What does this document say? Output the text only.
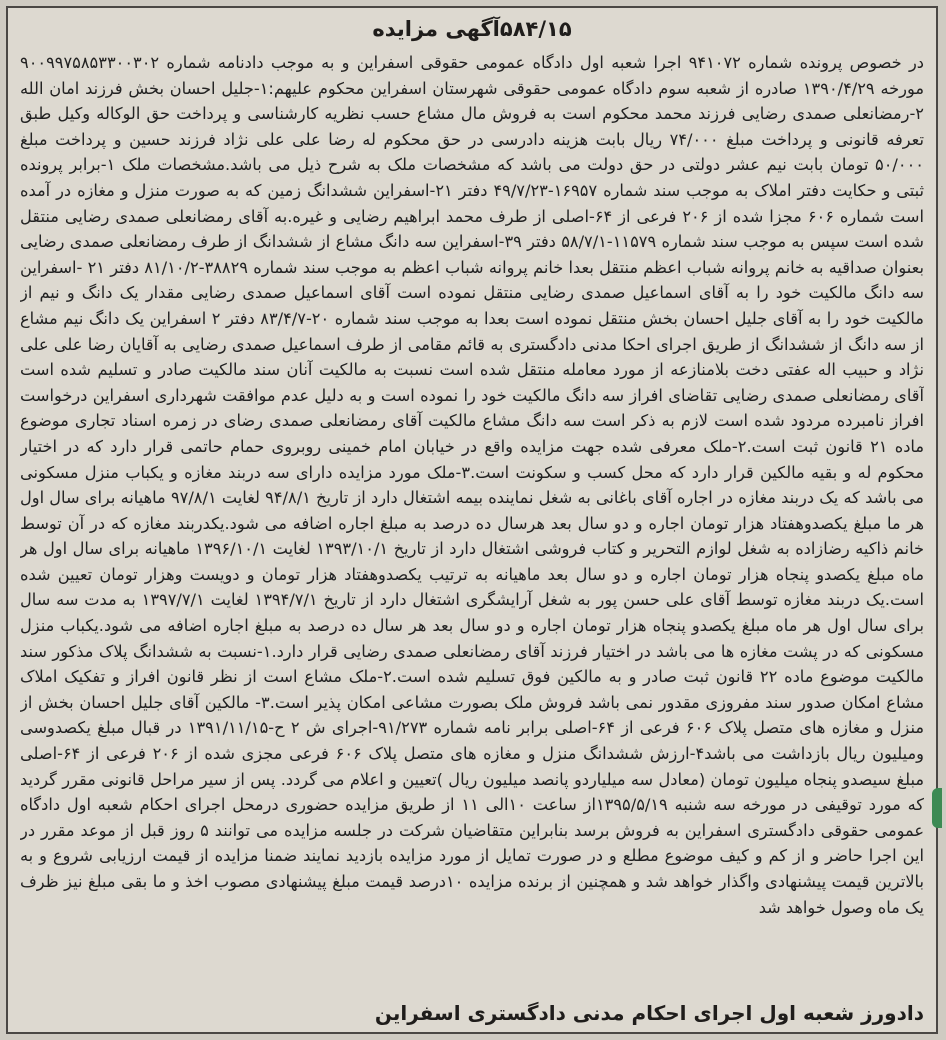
۵۸۴/۱۵آگهی مزایده
در خصوص پرونده شماره ۹۴۱۰۷۲ اجرا شعبه اول دادگاه عمومی حقوقی اسفراین و به موجب دادنامه شماره ۹۰۰۹۹۷۵۸۵۳۳۰۰۳۰۲ مورخه ۱۳۹۰/۴/۲۹ صادره از شعبه سوم دادگاه عمومی حقوقی شهرستان اسفراین محکوم علیهم:۱-جلیل احسان بخش فرزند امان الله ۲-رمضانعلی صمدی رضایی فرزند محمد محکوم است به فروش مال مشاع حسب نظریه کارشناسی و پرداخت حق الوکاله وکیل طبق تعرفه قانونی و پرداخت مبلغ ۷۴/۰۰۰ ریال بابت هزینه دادرسی در حق محکوم له رضا علی علی نژاد فرزند حسین و پرداخت مبلغ ۵۰/۰۰۰ تومان بابت نیم عشر دولتی در حق دولت می باشد که مشخصات ملک به شرح ذیل می باشد.مشخصات ملک ۱-برابر پرونده ثبتی و حکایت دفتر املاک به موجب سند شماره ۱۶۹۵۷-۴۹/۷/۲۳ دفتر ۲۱-اسفراین ششدانگ زمین که به صورت منزل و مغازه در آمده است شماره ۶۰۶ مجزا شده از ۲۰۶ فرعی از ۶۴-اصلی از طرف محمد ابراهیم رضایی و غیره.به آقای رمضانعلی صمدی رضایی منتقل شده است سپس به موجب سند شماره ۱۱۵۷۹-۵۸/۷/۱ دفتر ۳۹-اسفراین سه دانگ مشاع از ششدانگ از طرف رمضانعلی صمدی رضایی بعنوان صداقیه به خانم پروانه شباب اعظم منتقل بعدا خانم پروانه شباب اعظم به موجب سند شماره ۳۸۸۲۹-۸۱/۱۰/۲ دفتر ۲۱ -اسفراین سه دانگ مالکیت خود را به آقای اسماعیل صمدی رضایی منتقل نموده است آقای اسماعیل صمدی رضایی مقدار یک دانگ و نیم از مالکیت خود را به آقای جلیل احسان بخش منتقل نموده است بعدا به موجب سند شماره ۲۰-۸۳/۴/۷ دفتر ۲ اسفراین یک دانگ نیم مشاع از سه دانگ از ششدانگ از طریق اجرای احکا مدنی دادگستری به قائم مقامی از طرف اسماعیل صمدی رضایی به آقایان رضا علی علی نژاد و حبیب اله عفتی دخت بلامنازعه از مورد معامله منتقل شده است نسبت به مالکیت آنان سند مالکیت صادر و تسلیم شده است آقای رمضانعلی صمدی رضایی تقاضای افراز سه دانگ مالکیت خود را نموده است و به دلیل عدم موافقت شهرداری اسفراین درخواست افراز نامبرده مردود شده است لازم به ذکر است سه دانگ مشاع مالکیت آقای رمضانعلی صمدی رضای در زمره اسناد تجاری موضوع ماده ۲۱ قانون ثبت است.۲-ملک معرفی شده جهت مزایده واقع در خیابان امام خمینی روبروی حمام حاتمی قرار دارد که در اختیار محکوم له و بقیه مالکین قرار دارد که محل کسب و سکونت است.۳-ملک مورد مزایده دارای سه دربند مغازه و یکباب منزل مسکونی می باشد که یک دربند مغازه در اجاره آقای باغانی به شغل نماینده بیمه اشتغال دارد از تاریخ ۹۴/۸/۱ لغایت ۹۷/۸/۱ ماهیانه برای سال اول هر ما مبلغ یکصدوهفتاد هزار تومان اجاره و دو سال بعد هرسال ده درصد به مبلغ اجاره اضافه می شود.یکدربند مغازه که در آن توسط خانم ذاکیه رضازاده به شغل لوازم التحریر و کتاب فروشی اشتغال دارد از تاریخ ۱۳۹۳/۱۰/۱ لغایت ۱۳۹۶/۱۰/۱ ماهیانه برای سال اول هر ماه مبلغ یکصدو پنجاه هزار تومان اجاره و دو سال بعد ماهیانه به ترتیب یکصدوهفتاد هزار تومان و دویست وهزار تومان تعیین شده است.یک دربند مغازه توسط آقای علی حسن پور به شغل آرایشگری اشتغال دارد از تاریخ ۱۳۹۴/۷/۱ لغایت ۱۳۹۷/۷/۱ به مدت سه سال برای سال اول هر ماه مبلغ یکصدو پنجاه هزار تومان اجاره و دو سال بعد هر سال ده درصد به مبلغ اجاره اضافه می شود.یکباب منزل مسکونی که در پشت مغازه ها می باشد در اختیار فرزند آقای رمضانعلی صمدی رضایی قرار دارد.۱-نسبت به ششدانگ پلاک مذکور سند مالکیت موضوع ماده ۲۲ قانون ثبت صادر و به مالکین فوق تسلیم شده است.۲-ملک مشاع است از نظر قانون افراز و تفکیک املاک مشاع امکان صدور سند مفروزی مقدور نمی باشد فروش ملک بصورت مشاعی امکان پذیر است.۳- مالکین آقای جلیل احسان بخش از منزل و مغازه های متصل پلاک ۶۰۶ فرعی از ۶۴-اصلی برابر نامه شماره ۹۱/۲۷۳-اجرای ش ۲ ح-۱۳۹۱/۱۱/۱۵ در قبال مبلغ یکصدوسی ومیلیون ریال بازداشت می باشد۴-ارزش ششدانگ منزل و مغازه های متصل پلاک ۶۰۶ فرعی مجزی شده از ۲۰۶ فرعی از ۶۴-اصلی مبلغ سیصدو پنجاه میلیون تومان (معادل سه میلیاردو پانصد میلیون ریال )تعیین و اعلام می گردد. پس از سیر مراحل قانونی مقرر گردید که مورد توقیفی در مورخه سه شنبه ۱۳۹۵/۵/۱۹از ساعت ۱۰الی ۱۱ از طریق مزایده حضوری درمحل اجرای احکام شعبه اول دادگاه عمومی حقوقی دادگستری اسفراین به فروش برسد بنابراین متقاضیان شرکت در جلسه مزایده می توانند ۵ روز قبل از موعد مقرر در این اجرا حاضر و از کم و کیف موضوع مطلع و در صورت تمایل از مورد مزایده بازدید نمایند ضمنا مزایده از قیمت ارزیابی شروع و به بالاترین قیمت پیشنهادی واگذار خواهد شد و همچنین از برنده مزایده ۱۰درصد قیمت مبلغ پیشنهادی مصوب اخذ و ما بقی مبلغ نیز ظرف یک ماه وصول خواهد شد
دادورز شعبه اول اجرای احکام مدنی دادگستری اسفراین
